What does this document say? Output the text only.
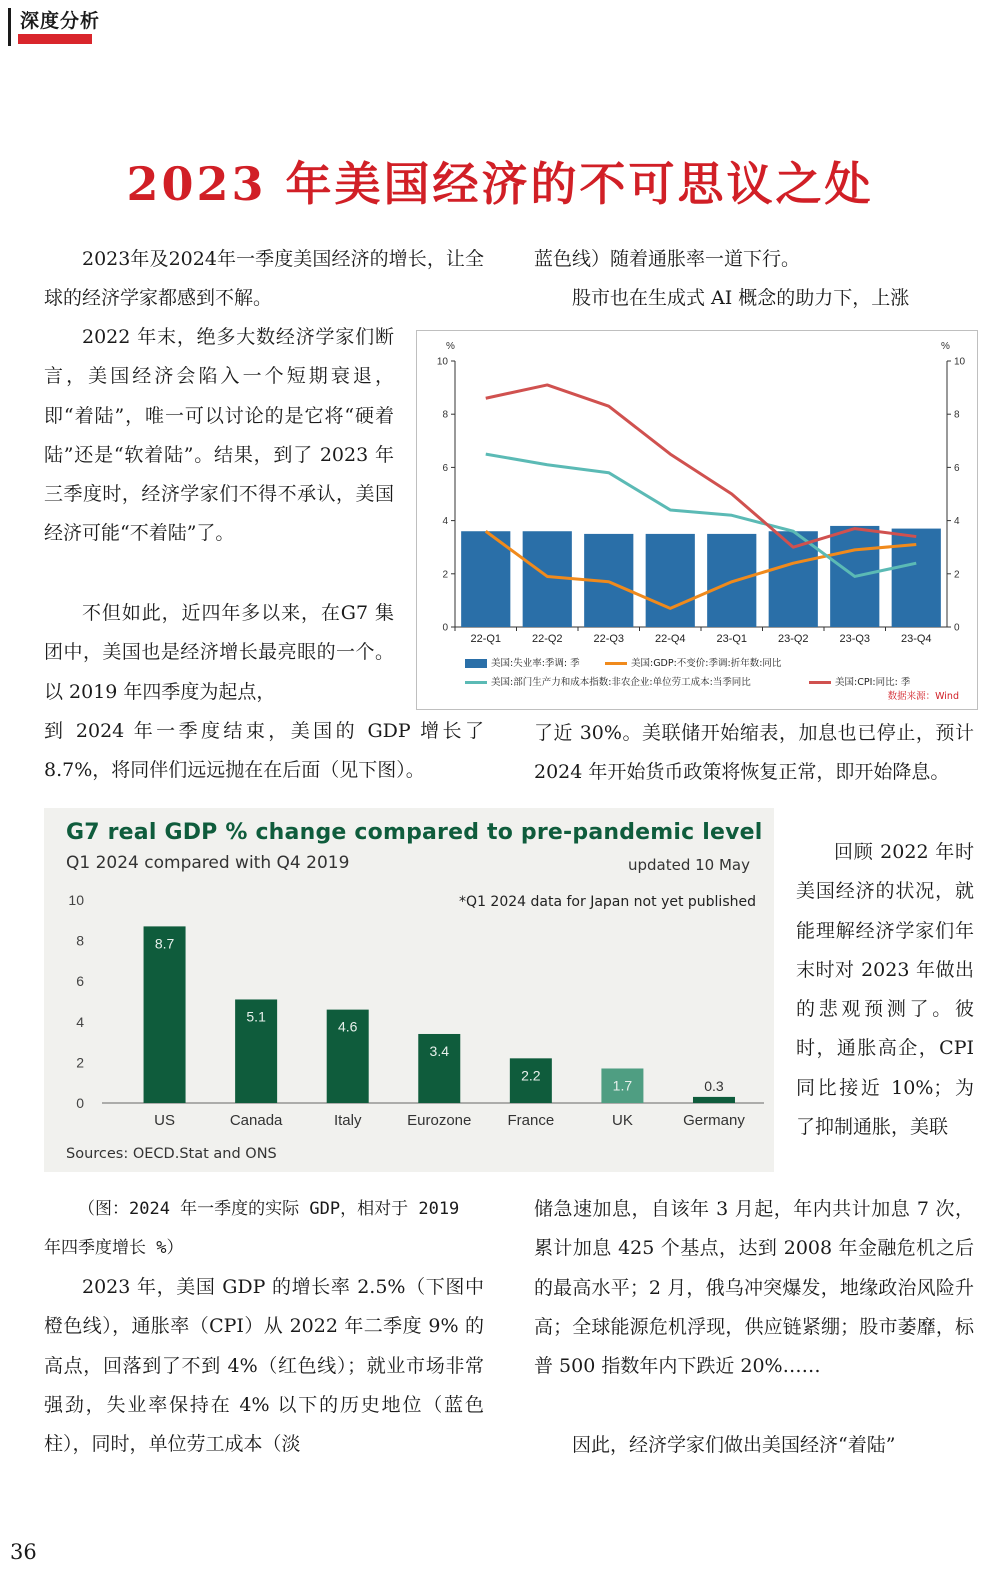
深度分析
2023 年美国经济的不可思议之处

2023年及2024年一季度美国经济的增长，让全球的经济学家都感到不解。

2022 年末，绝多大数经济学家们断言，美国经济会陷入一个短期衰退，即“着陆”，唯一可以讨论的是它将“硬着陆”还是“软着陆”。结果，到了 2023 年三季度时，经济学家们不得不承认，美国经济可能“不着陆”了。

不但如此，近四年多以来，在G7 集团中，美国也是经济增长最亮眼的一个。以 2019 年四季度为起点，

到 2024 年一季度结束，美国的 GDP 增长了 8.7%，将同伴们远远抛在在后面（见下图）。

蓝色线）随着通胀率一道下行。

股市也在生成式 AI 概念的助力下，上涨

了近 30%。美联储开始缩表，加息也已停止，预计 2024 年开始货币政策将恢复正常，即开始降息。

回顾 2022 年时美国经济的状况，就能理解经济学家们年末时对 2023 年做出的悲观预测了。彼时，通胀高企，CPI 同比接近 10%；为了抑制通胀，美联

储急速加息，自该年 3 月起，年内共计加息 7 次，累计加息 425 个基点，达到 2008 年金融危机之后的最高水平；2 月，俄乌冲突爆发，地缘政治风险升高；全球能源危机浮现，供应链紧绷；股市萎靡，标普 500 指数年内下跌近 20%……

因此，经济学家们做出美国经济“着陆”

%	%
0	0
2	2
4	4
6	6
8	8
10	10
22-Q1	22-Q2	22-Q3	22-Q4	23-Q1	23-Q2	23-Q3	23-Q4
美国:失业率:季调: 季	美国:GDP:不变价:季调:折年数:同比
美国:部门生产力和成本指数:非农企业:单位劳工成本:当季同比	美国:CPI:同比: 季
数据来源：Wind
0
2
4
6
8
10
8.7
US
5.1
Canada
4.6
Italy
3.4
Eurozone
2.2
France
1.7
UK
0.3
Germany
G7 real GDP % change compared to pre-pandemic level
Q1 2024 compared with Q4 2019	updated 10 May
*Q1 2024 data for Japan not yet published
Sources: OECD.Stat and ONS

（图：2024 年一季度的实际 GDP，相对于 2019 年四季度增长 %）

2023 年，美国 GDP 的增长率 2.5%（下图中橙色线），通胀率（CPI）从 2022 年二季度 9% 的高点，回落到了不到 4%（红色线）；就业市场非常强劲，失业率保持在 4% 以下的历史地位（蓝色柱），同时，单位劳工成本（淡

36
